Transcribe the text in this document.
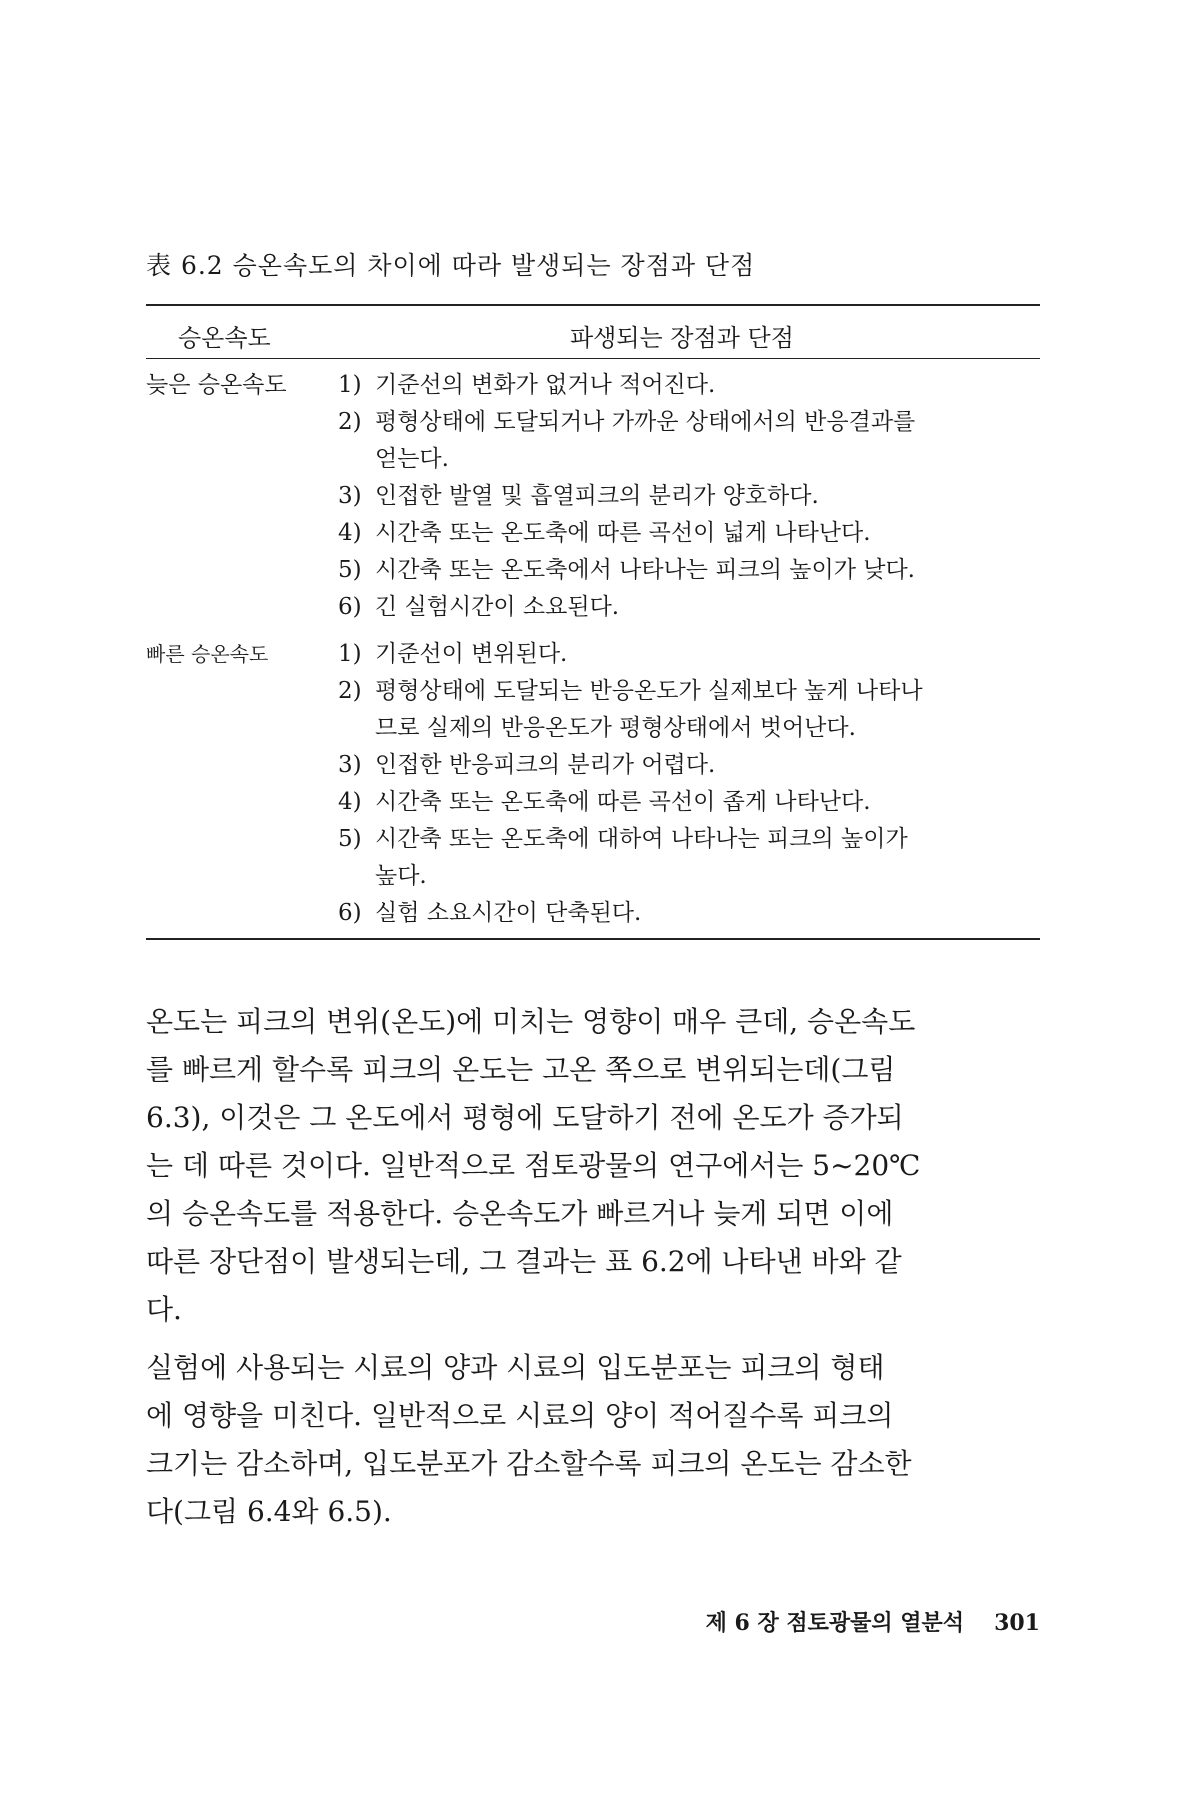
表 6.2 승온속도의 차이에 따라 발생되는 장점과 단점
승온속도	파생되는 장점과 단점
늦은 승온속도	1) 기준선의 변화가 없거나 적어진다.
2) 평형상태에 도달되거나 가까운 상태에서의 반응결과를
얻는다.
3) 인접한 발열 및 흡열피크의 분리가 양호하다.
4) 시간축 또는 온도축에 따른 곡선이 넓게 나타난다.
5) 시간축 또는 온도축에서 나타나는 피크의 높이가 낮다.
6) 긴 실험시간이 소요된다.
빠른 승온속도	1) 기준선이 변위된다.
2) 평형상태에 도달되는 반응온도가 실제보다 높게 나타나
므로 실제의 반응온도가 평형상태에서 벗어난다.
3) 인접한 반응피크의 분리가 어렵다.
4) 시간축 또는 온도축에 따른 곡선이 좁게 나타난다.
5) 시간축 또는 온도축에 대하여 나타나는 피크의 높이가
높다.
6) 실험 소요시간이 단축된다.

온도는 피크의 변위(온도)에 미치는 영향이 매우 큰데, 승온속도
를 빠르게 할수록 피크의 온도는 고온 쪽으로 변위되는데(그림
6.3), 이것은 그 온도에서 평형에 도달하기 전에 온도가 증가되
는 데 따른 것이다. 일반적으로 점토광물의 연구에서는 5~20℃
의 승온속도를 적용한다. 승온속도가 빠르거나 늦게 되면 이에
따른 장단점이 발생되는데, 그 결과는 표 6.2에 나타낸 바와 같
다.

실험에 사용되는 시료의 양과 시료의 입도분포는 피크의 형태
에 영향을 미친다. 일반적으로 시료의 양이 적어질수록 피크의
크기는 감소하며, 입도분포가 감소할수록 피크의 온도는 감소한
다(그림 6.4와 6.5).

제 6 장 점토광물의 열분석 301
